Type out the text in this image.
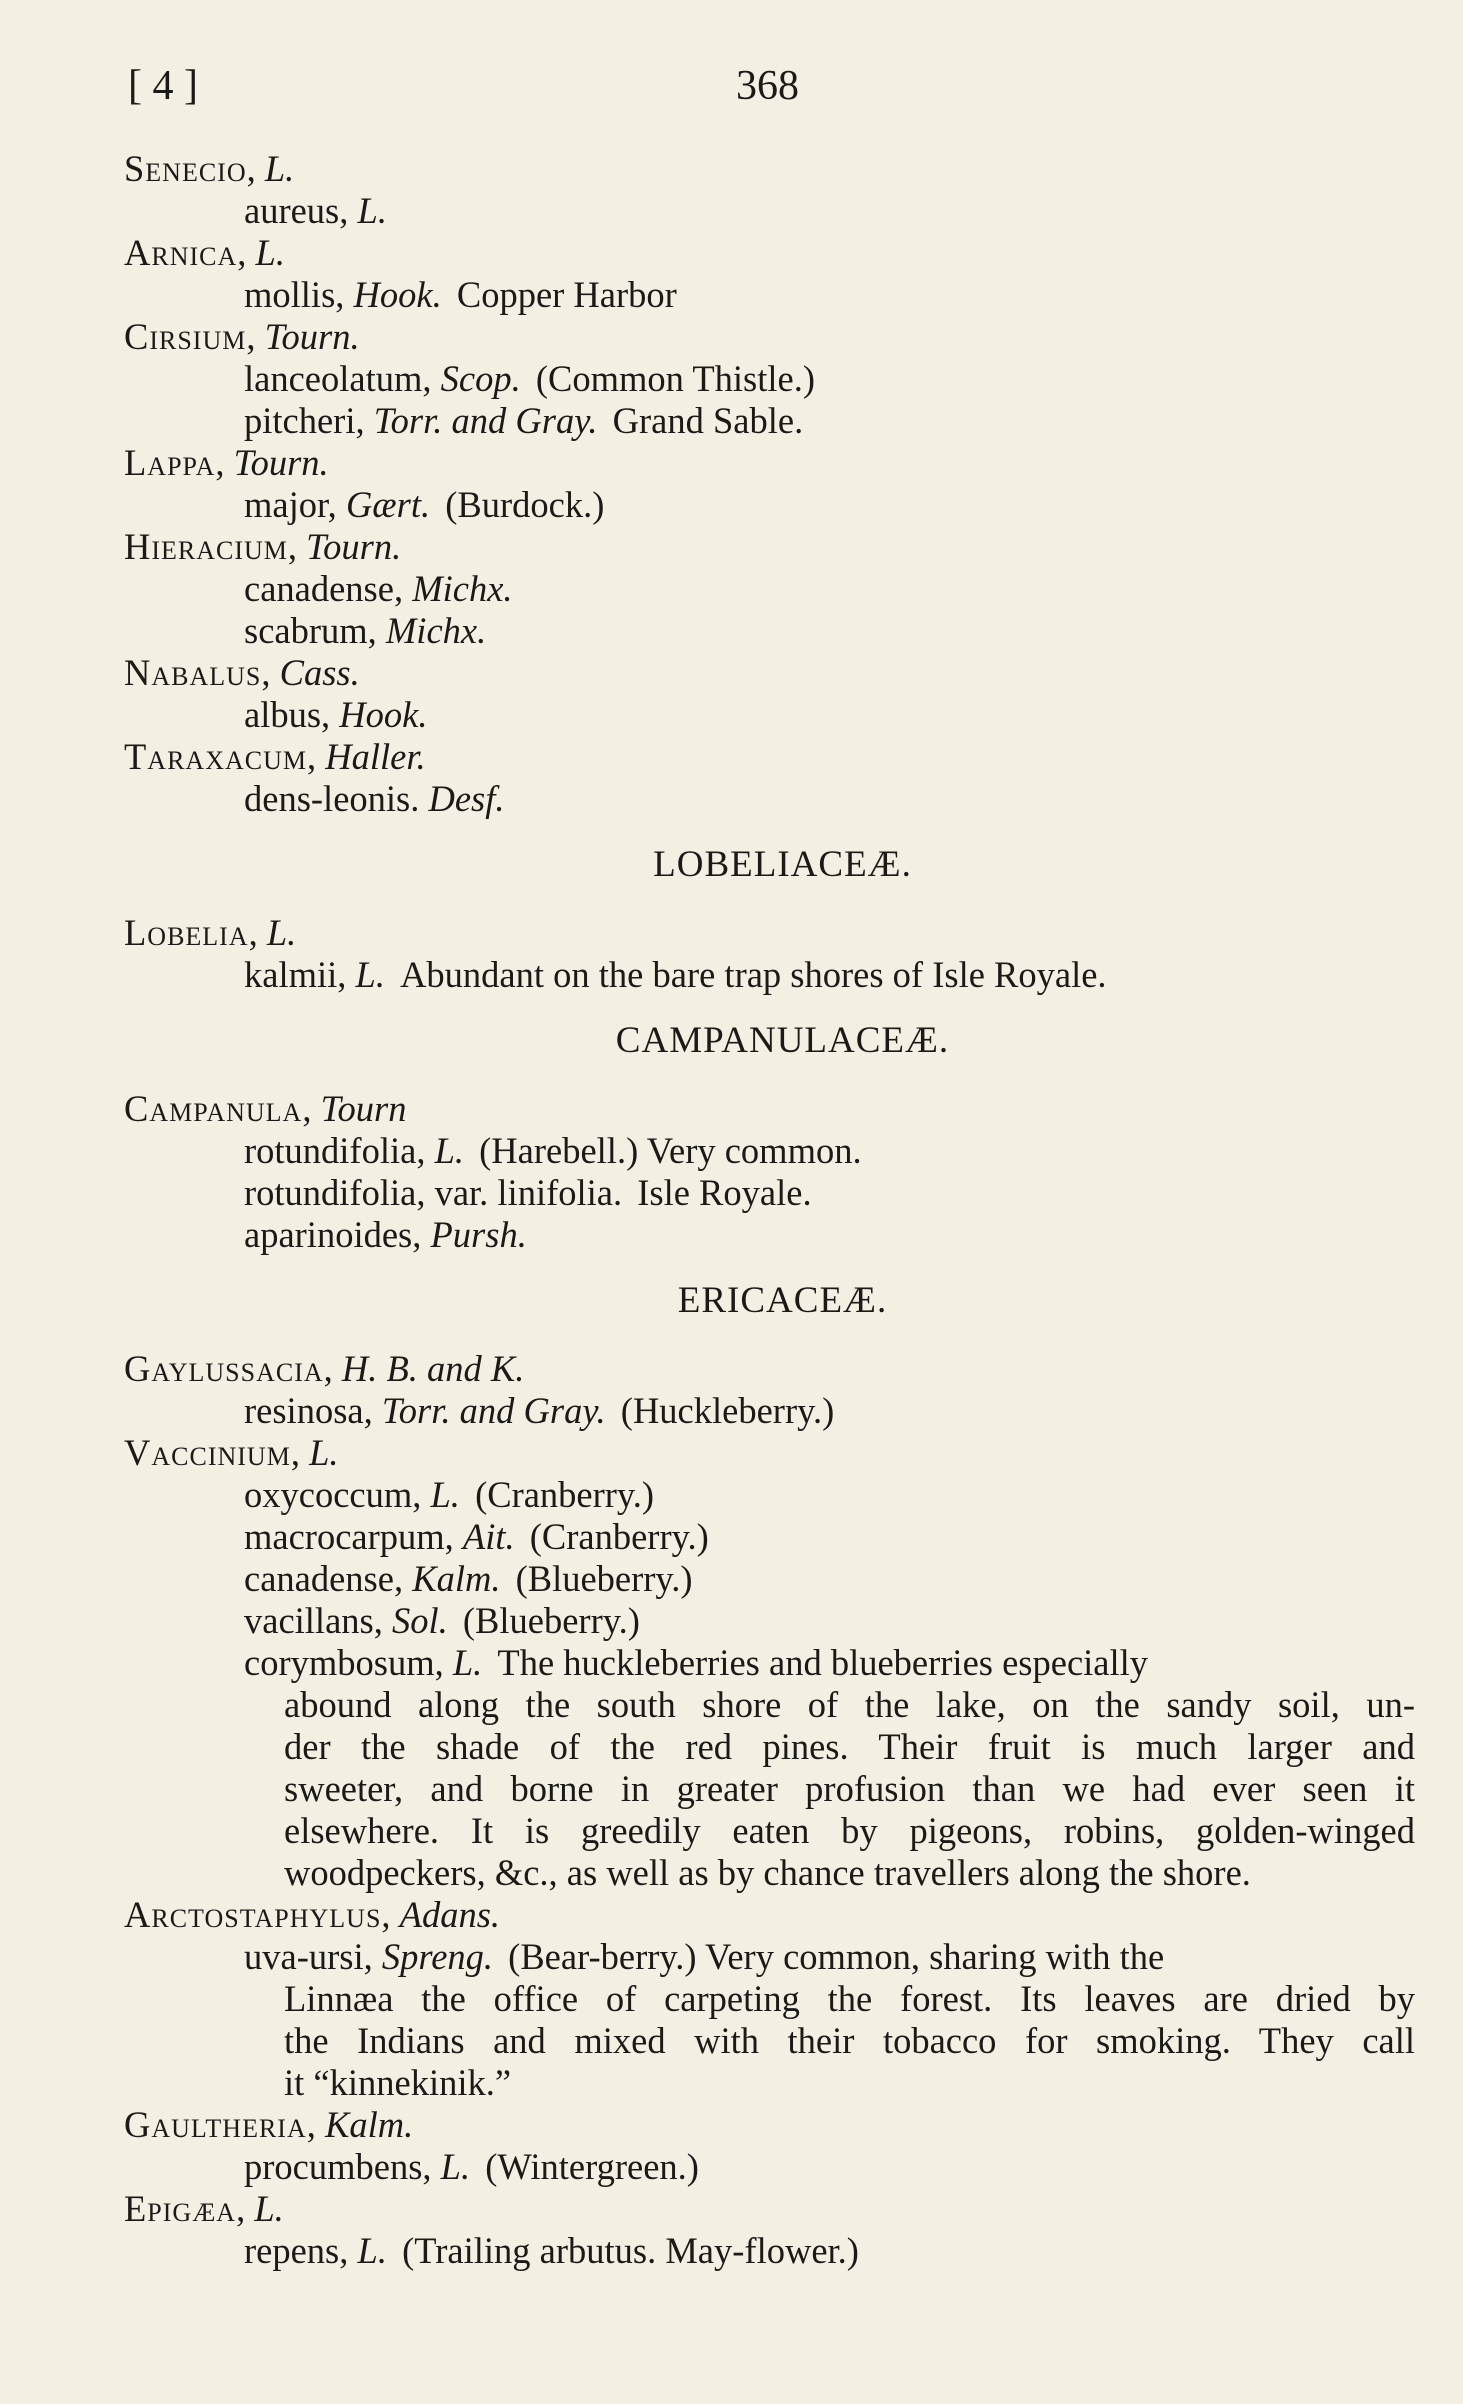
[ 4 ]	368
Senecio, L.
aureus, L.
Arnica, L.
mollis, Hook. Copper Harbor
Cirsium, Tourn.
lanceolatum, Scop. (Common Thistle.)
pitcheri, Torr. and Gray. Grand Sable.
Lappa, Tourn.
major, Gært. (Burdock.)
Hieracium, Tourn.
canadense, Michx.
scabrum, Michx.
Nabalus, Cass.
albus, Hook.
Taraxacum, Haller.
dens-leonis. Desf.
LOBELIACEÆ.
Lobelia, L.
kalmii, L. Abundant on the bare trap shores of Isle Royale.
CAMPANULACEÆ.
Campanula, Tourn
rotundifolia, L. (Harebell.) Very common.
rotundifolia, var. linifolia. Isle Royale.
aparinoides, Pursh.
ERICACEÆ.
Gaylussacia, H. B. and K.
resinosa, Torr. and Gray. (Huckleberry.)
Vaccinium, L.
oxycoccum, L. (Cranberry.)
macrocarpum, Ait. (Cranberry.)
canadense, Kalm. (Blueberry.)
vacillans, Sol. (Blueberry.)
corymbosum, L. The huckleberries and blueberries especially
abound along the south shore of the lake, on the sandy soil, un-
der the shade of the red pines. Their fruit is much larger and
sweeter, and borne in greater profusion than we had ever seen it
elsewhere. It is greedily eaten by pigeons, robins, golden-winged
woodpeckers, &c., as well as by chance travellers along the shore.
Arctostaphylus, Adans.
uva-ursi, Spreng. (Bear-berry.) Very common, sharing with the
Linnæa the office of carpeting the forest. Its leaves are dried by
the Indians and mixed with their tobacco for smoking. They call
it “kinnekinik.”
Gaultheria, Kalm.
procumbens, L. (Wintergreen.)
Epigæa, L.
repens, L. (Trailing arbutus. May-flower.)
